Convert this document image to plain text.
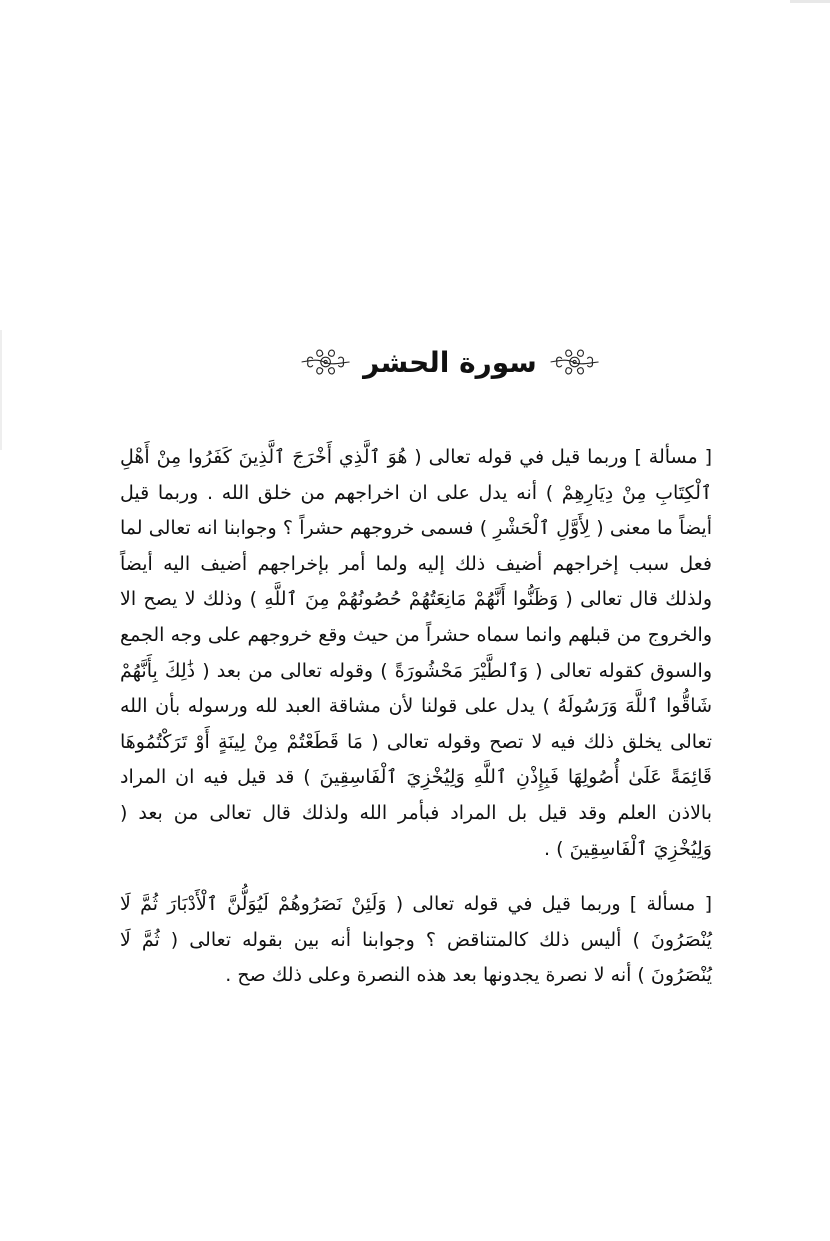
سورة الحشر

[ مسألة ] وربما قيل في قوله تعالى ( هُوَ ٱلَّذِي أَخْرَجَ ٱلَّذِينَ كَفَرُوا مِنْ أَهْلِ ٱلْكِتَابِ مِنْ دِيَارِهِمْ ) أنه يدل على ان اخراجهم من خلق الله . وربما قيل أيضاً ما معنى ( لِأَوَّلِ ٱلْحَشْرِ ) فسمى خروجهم حشراً ؟ وجوابنا انه تعالى لما فعل سبب إخراجهم أضيف ذلك إليه ولما أمر بإخراجهم أضيف اليه أيضاً ولذلك قال تعالى ( وَظَنُّوا أَنَّهُمْ مَانِعَتُهُمْ حُصُونُهُمْ مِنَ ٱللَّهِ ) وذلك لا يصح الا والخروج من قبلهم وانما سماه حشراً من حيث وقع خروجهم على وجه الجمع والسوق كقوله تعالى ( وَٱلطَّيْرَ مَحْشُورَةً ) وقوله تعالى من بعد ( ذَٰلِكَ بِأَنَّهُمْ شَاقُّوا ٱللَّهَ وَرَسُولَهُ ) يدل على قولنا لأن مشاقة العبد لله ورسوله بأن الله تعالى يخلق ذلك فيه لا تصح وقوله تعالى ( مَا قَطَعْتُمْ مِنْ لِينَةٍ أَوْ تَرَكْتُمُوهَا قَائِمَةً عَلَىٰ أُصُولِهَا فَبِإِذْنِ ٱللَّهِ وَلِيُخْزِيَ ٱلْفَاسِقِينَ ) قد قيل فيه ان المراد بالاذن العلم وقد قيل بل المراد فبأمر الله ولذلك قال تعالى من بعد ( وَلِيُخْزِيَ ٱلْفَاسِقِينَ ) .

[ مسألة ] وربما قيل في قوله تعالى ( وَلَئِنْ نَصَرُوهُمْ لَيُوَلُّنَّ ٱلْأَدْبَارَ ثُمَّ لَا يُنْصَرُونَ ) أليس ذلك كالمتناقض ؟ وجوابنا أنه بين بقوله تعالى ( ثُمَّ لَا يُنْصَرُونَ ) أنه لا نصرة يجدونها بعد هذه النصرة وعلى ذلك صح .
